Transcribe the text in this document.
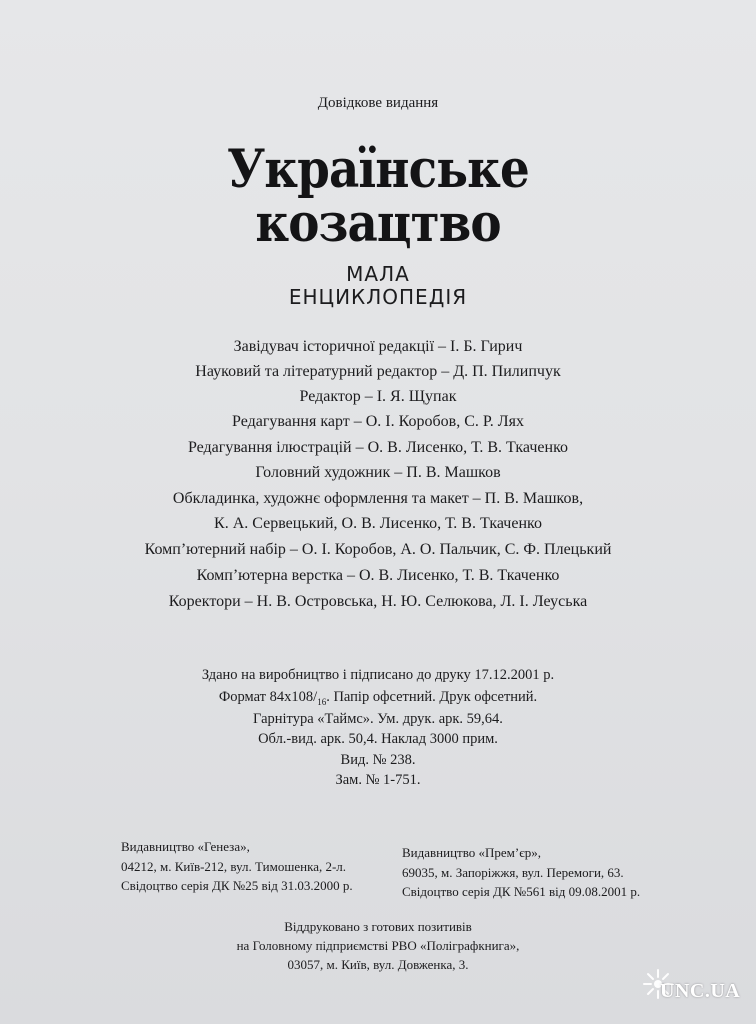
Довідкове видання
Українське
козацтво
МАЛА
ЕНЦИКЛОПЕДІЯ
Завідувач історичної редакції – І. Б. Гирич
Науковий та літературний редактор – Д. П. Пилипчук
Редактор – І. Я. Щупак
Редагування карт – О. І. Коробов, С. Р. Лях
Редагування ілюстрацій – О. В. Лисенко, Т. В. Ткаченко
Головний художник – П. В. Машков
Обкладинка, художнє оформлення та макет – П. В. Машков,
К. А. Сервецький, О. В. Лисенко, Т. В. Ткаченко
Комп’ютерний набір – О. І. Коробов, А. О. Пальчик, С. Ф. Плецький
Комп’ютерна верстка – О. В. Лисенко, Т. В. Ткаченко
Коректори – Н. В. Островська, Н. Ю. Селюкова, Л. І. Леуська
Здано на виробництво і підписано до друку 17.12.2001 р.
Формат $84x108/_{16}$. Папір офсетний. Друк офсетний.
Гарнітура «Таймс». Ум. друк. арк. 59,64.
Обл.-вид. арк. 50,4. Наклад 3000 прим.
Вид. № 238.
Зам. № 1-751.
Видавництво «Генеза»,
04212, м. Київ-212, вул. Тимошенка, 2-л.
Свідоцтво серія ДК №25 від 31.03.2000 р.
Видавництво «Прем’єр»,
69035, м. Запоріжжя, вул. Перемоги, 63.
Свідоцтво серія ДК №561 від 09.08.2001 р.
Віддруковано з готових позитивів
на Головному підприємстві РВО «Поліграфкнига»,
03057, м. Київ, вул. Довженка, 3.
UNC.UA
